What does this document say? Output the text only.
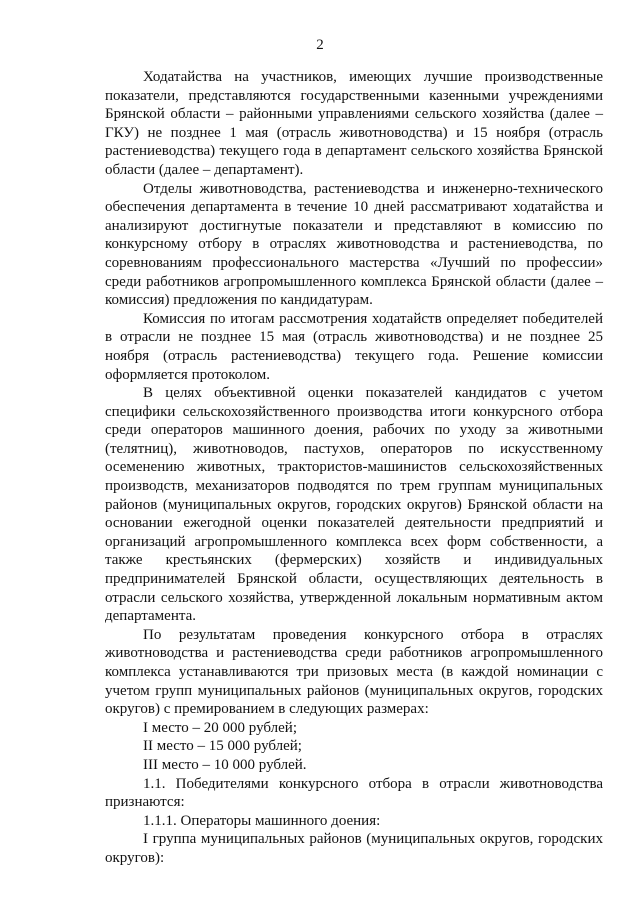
2

Ходатайства на участников, имеющих лучшие производственные показатели, представляются государственными казенными учреждениями Брянской области – районными управлениями сельского хозяйства (далее – ГКУ) не позднее 1 мая (отрасль животноводства) и 15 ноября (отрасль растениеводства) текущего года в департамент сельского хозяйства Брянской области (далее – департамент).

Отделы животноводства, растениеводства и инженерно-технического обеспечения департамента в течение 10 дней рассматривают ходатайства и анализируют достигнутые показатели и представляют в комиссию по конкурсному отбору в отраслях животноводства и растениеводства, по соревнованиям профессионального мастерства «Лучший по профессии» среди работников агропромышленного комплекса Брянской области (далее – комиссия) предложения по кандидатурам.

Комиссия по итогам рассмотрения ходатайств определяет победителей в отрасли не позднее 15 мая (отрасль животноводства) и не позднее 25 ноября (отрасль растениеводства) текущего года. Решение комиссии оформляется протоколом.

В целях объективной оценки показателей кандидатов с учетом специфики сельскохозяйственного производства итоги конкурсного отбора среди операторов машинного доения, рабочих по уходу за животными (телятниц), животноводов, пастухов, операторов по искусственному осеменению животных, трактористов-машинистов сельскохозяйственных производств, механизаторов подводятся по трем группам муниципальных районов (муниципальных округов, городских округов) Брянской области на основании ежегодной оценки показателей деятельности предприятий и организаций агропромышленного комплекса всех форм собственности, а также крестьянских (фермерских) хозяйств и индивидуальных предпринимателей Брянской области, осуществляющих деятельность в отрасли сельского хозяйства, утвержденной локальным нормативным актом департамента.

По результатам проведения конкурсного отбора в отраслях животноводства и растениеводства среди работников агропромышленного комплекса устанавливаются три призовых места (в каждой номинации с учетом групп муниципальных районов (муниципальных округов, городских округов) с премированием в следующих размерах:

I место – 20 000 рублей;

II место – 15 000 рублей;

III место – 10 000 рублей.

1.1. Победителями конкурсного отбора в отрасли животноводства признаются:

1.1.1. Операторы машинного доения:

I группа муниципальных районов (муниципальных округов, городских округов):
